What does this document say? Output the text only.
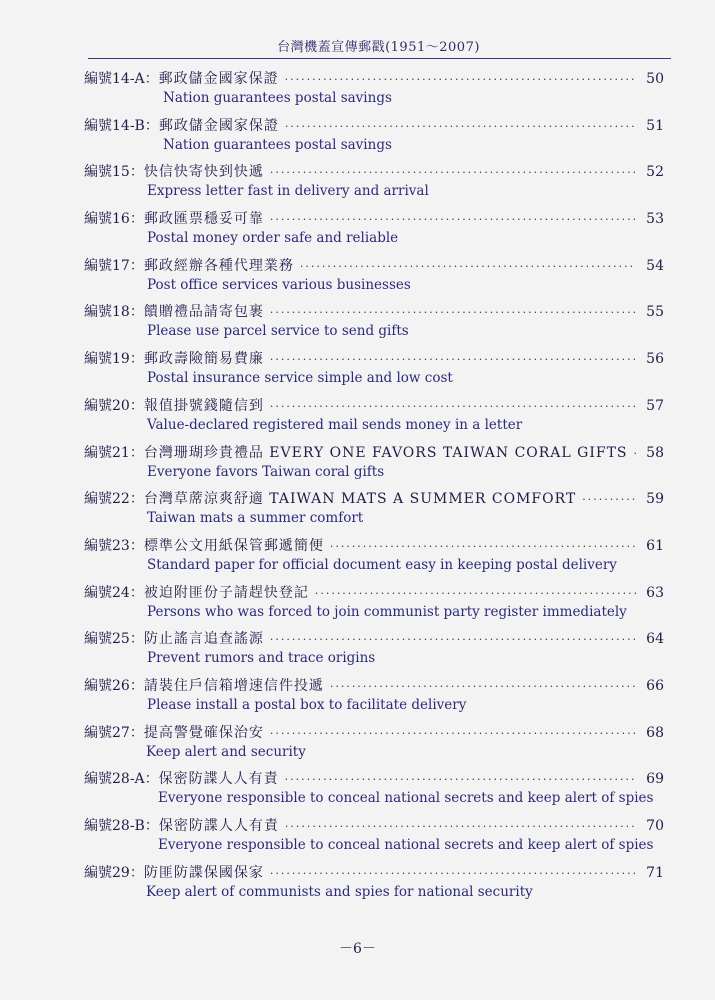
台灣機蓋宣傳郵戳(1951～2007)
編號14-A ： 郵政儲金國家保證 ·····	50
Nation guarantees postal savings
編號14-B ： 郵政儲金國家保證 ·····	51
Nation guarantees postal savings
編號15 ： 快信快寄快到快遞 ·····	52
Express letter fast in delivery and arrival
編號16 ： 郵政匯票穩妥可靠 ·····	53
Postal money order safe and reliable
編號17 ： 郵政經辦各種代理業務 ·····	54
Post office services various businesses
編號18 ： 饋贈禮品請寄包裹 ·····	55
Please use parcel service to send gifts
編號19 ： 郵政壽險簡易費廉 ·····	56
Postal insurance service simple and low cost
編號20 ： 報值掛號錢隨信到 ·····	57
Value-declared registered mail sends money in a letter
編號21 ： 台灣珊瑚珍貴禮品 EVERY ONE FAVORS TAIWAN CORAL GIFTS ····· 58
Everyone favors Taiwan coral gifts
編號22 ： 台灣草蓆涼爽舒適 TAIWAN MATS A SUMMER COMFORT ·····	59
Taiwan mats a summer comfort
編號23 ： 標準公文用紙保管郵遞簡便 ·····	61
Standard paper for official document easy in keeping postal delivery
編號24 ： 被迫附匪份子請趕快登記 ·····	63
Persons who was forced to join communist party register immediately
編號25 ： 防止謠言追查謠源 ·····	64
Prevent rumors and trace origins
編號26 ： 請裝住戶信箱增速信件投遞 ·····	66
Please install a postal box to facilitate delivery
編號27 ： 提高警覺確保治安 ·····	68
Keep alert and security
編號28-A ： 保密防諜人人有責 ·····	69
Everyone responsible to conceal national secrets and keep alert of spies
編號28-B ： 保密防諜人人有責 ·····	70
Everyone responsible to conceal national secrets and keep alert of spies
編號29 ： 防匪防諜保國保家 ·····	71
Keep alert of communists and spies for national security
－6－
